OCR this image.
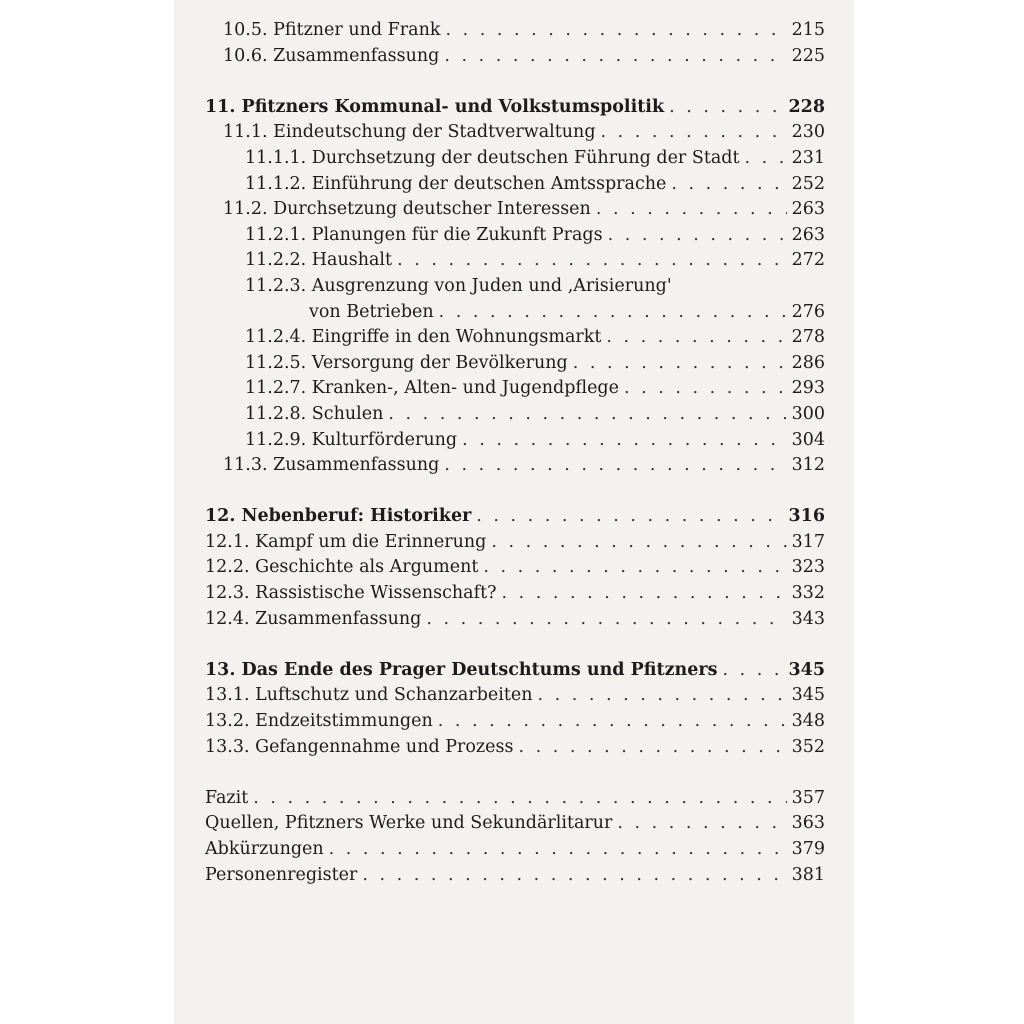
10.5. Pfitzner und Frank . . .	215
10.6. Zusammenfassung . . .	225
11. Pfitzners Kommunal- und Volkstumspolitik . . .	228
11.1. Eindeutschung der Stadtverwaltung . . .	230
11.1.1. Durchsetzung der deutschen Führung der Stadt . . .	231
11.1.2. Einführung der deutschen Amtssprache . . .	252
11.2. Durchsetzung deutscher Interessen . . .	263
11.2.1. Planungen für die Zukunft Prags . . .	263
11.2.2. Haushalt . . .	272
11.2.3. Ausgrenzung von Juden und ‚Arisierung'
von Betrieben . . .	276
11.2.4. Eingriffe in den Wohnungsmarkt . . .	278
11.2.5. Versorgung der Bevölkerung . . .	286
11.2.7. Kranken-, Alten- und Jugendpflege . . .	293
11.2.8. Schulen . . .	300
11.2.9. Kulturförderung . . .	304
11.3. Zusammenfassung . . .	312
12. Nebenberuf: Historiker . . .	316
12.1. Kampf um die Erinnerung . . .	317
12.2. Geschichte als Argument . . .	323
12.3. Rassistische Wissenschaft? . . .	332
12.4. Zusammenfassung . . .	343
13. Das Ende des Prager Deutschtums und Pfitzners . . .	345
13.1. Luftschutz und Schanzarbeiten . . .	345
13.2. Endzeitstimmungen . . .	348
13.3. Gefangennahme und Prozess . . .	352
Fazit . . .	357
Quellen, Pfitzners Werke und Sekundärlitarur . . .	363
Abkürzungen . . .	379
Personenregister . . .	381
